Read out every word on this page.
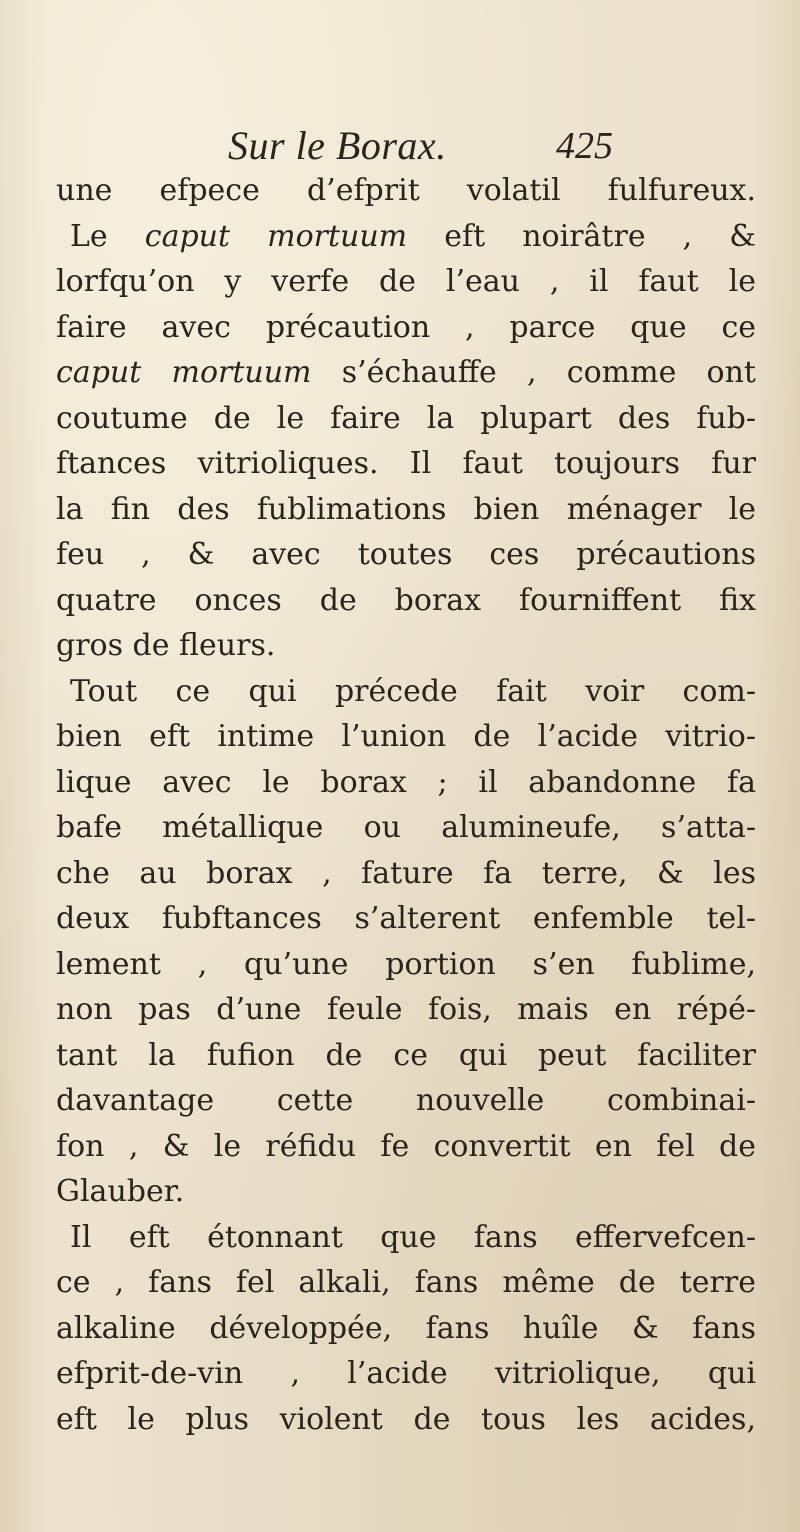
Sur le Borax.	425
une efpece d’efprit volatil fulfureux.
Le caput mortuum eft noirâtre , &
lorfqu’on y verfe de l’eau , il faut le
faire avec précaution , parce que ce
caput mortuum s’échauffe , comme ont
coutume de le faire la plupart des fub-
ftances vitrioliques. Il faut toujours fur
la fin des fublimations bien ménager le
feu , & avec toutes ces précautions
quatre onces de borax fourniffent fix
gros de fleurs.
Tout ce qui précede fait voir com-
bien eft intime l’union de l’acide vitrio-
lique avec le borax ; il abandonne fa
bafe métallique ou alumineufe, s’atta-
che au borax , fature fa terre, & les
deux fubftances s’alterent enfemble tel-
lement , qu’une portion s’en fublime,
non pas d’une feule fois, mais en répé-
tant la fufion de ce qui peut faciliter
davantage cette nouvelle combinai-
fon , & le réfidu fe convertit en fel de
Glauber.
Il eft étonnant que fans effervefcen-
ce , fans fel alkali, fans même de terre
alkaline développée, fans huîle & fans
efprit-de-vin , l’acide vitriolique, qui
eft le plus violent de tous les acides,
